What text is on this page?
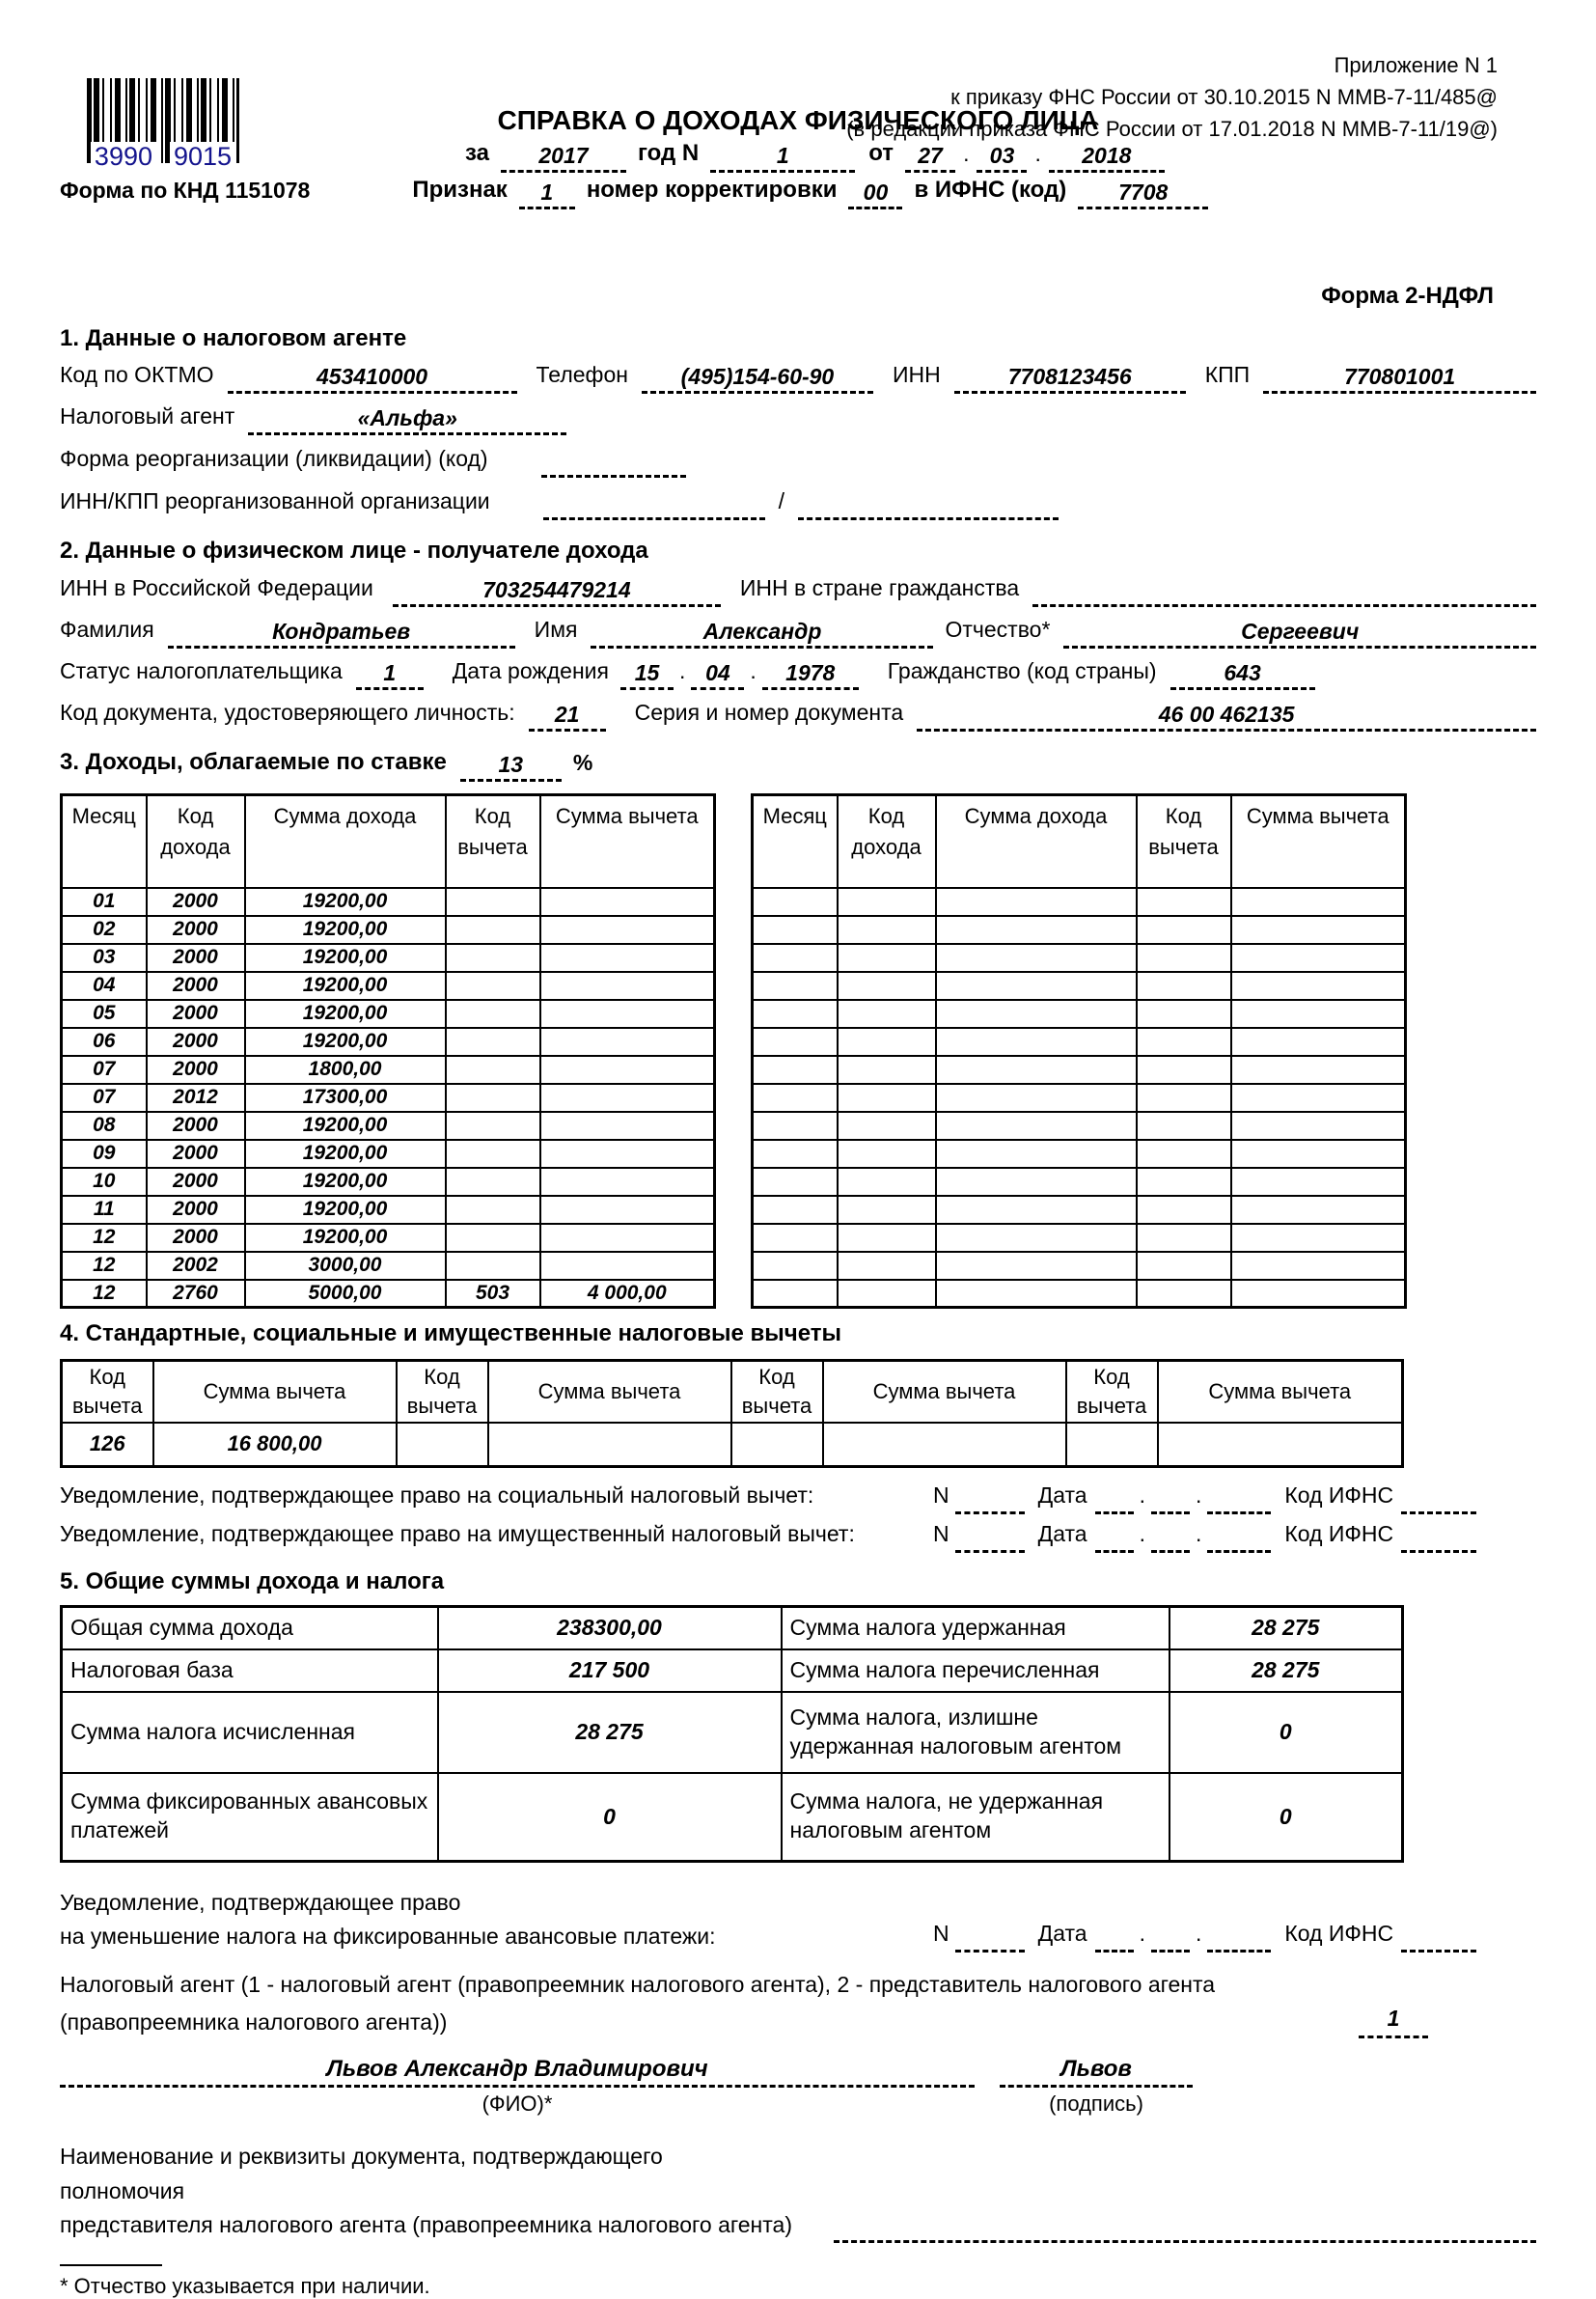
3990 9015
Приложение N 1
к приказу ФНС России от 30.10.2015 N ММВ-7-11/485@
(в редакции приказа ФНС России от 17.01.2018 N ММВ-7-11/19@)
СПРАВКА О ДОХОДАХ ФИЗИЧЕСКОГО ЛИЦА
за	2017	год N	1	от	27 . 03 .	2018
Форма по КНД 1151078	Признак	1	номер корректировки	00	в ИФНС (код)	7708
Форма 2-НДФЛ
1. Данные о налоговом агенте
Код по ОКТМО	453410000	Телефон	(495)154-60-90	ИНН	7708123456	КПП	770801001
Налоговый агент	«Альфа»
Форма реорганизации (ликвидации) (код)
ИНН/КПП реорганизованной организации	/
2. Данные о физическом лице - получателе дохода
ИНН в Российской Федерации	703254479214	ИНН в стране гражданства
Фамилия	Кондратьев	Имя	Александр	Отчество*	Сергеевич
Статус налогоплательщика	1	Дата рождения	15 . 04 .	1978	Гражданство (код страны)	643
Код документа, удостоверяющего личность:	21	Серия и номер документа	46 00 462135
3. Доходы, облагаемые по ставке	13	%
Месяц	Код дохода	Сумма дохода	Код вычета	Сумма вычета
01	2000	19200,00		
02	2000	19200,00		
03	2000	19200,00		
04	2000	19200,00		
05	2000	19200,00		
06	2000	19200,00		
07	2000	1800,00		
07	2012	17300,00		
08	2000	19200,00		
09	2000	19200,00		
10	2000	19200,00		
11	2000	19200,00		
12	2000	19200,00		
12	2002	3000,00		
12	2760	5000,00	503	4 000,00
Месяц	Код дохода	Сумма дохода	Код вычета	Сумма вычета

4. Стандартные, социальные и имущественные налоговые вычеты
Код вычета	Сумма вычета	Код вычета	Сумма вычета	Код вычета	Сумма вычета	Код вычета	Сумма вычета
126	16 800,00						
Уведомление, подтверждающее право на социальный налоговый вычет:	N	Дата . .	Код ИФНС
Уведомление, подтверждающее право на имущественный налоговый вычет:	N	Дата . .	Код ИФНС
5. Общие суммы дохода и налога
Общая сумма дохода	238300,00	Сумма налога удержанная	28 275
Налоговая база	217 500	Сумма налога перечисленная	28 275
Сумма налога исчисленная	28 275	Сумма налога, излишне удержанная налоговым агентом	0
Сумма фиксированных авансовых платежей	0	Сумма налога, не удержанная налоговым агентом	0
Уведомление, подтверждающее право
на уменьшение налога на фиксированные авансовые платежи:	N	Дата . .	Код ИФНС
Налоговый агент (1 - налоговый агент (правопреемник налогового агента), 2 - представитель налогового агента
(правопреемника налогового агента))	1
Львов Александр Владимирович
(ФИО)*
Львов
(подпись)
Наименование и реквизиты документа, подтверждающего полномочия
представителя налогового агента (правопреемника налогового агента)
* Отчество указывается при наличии.
